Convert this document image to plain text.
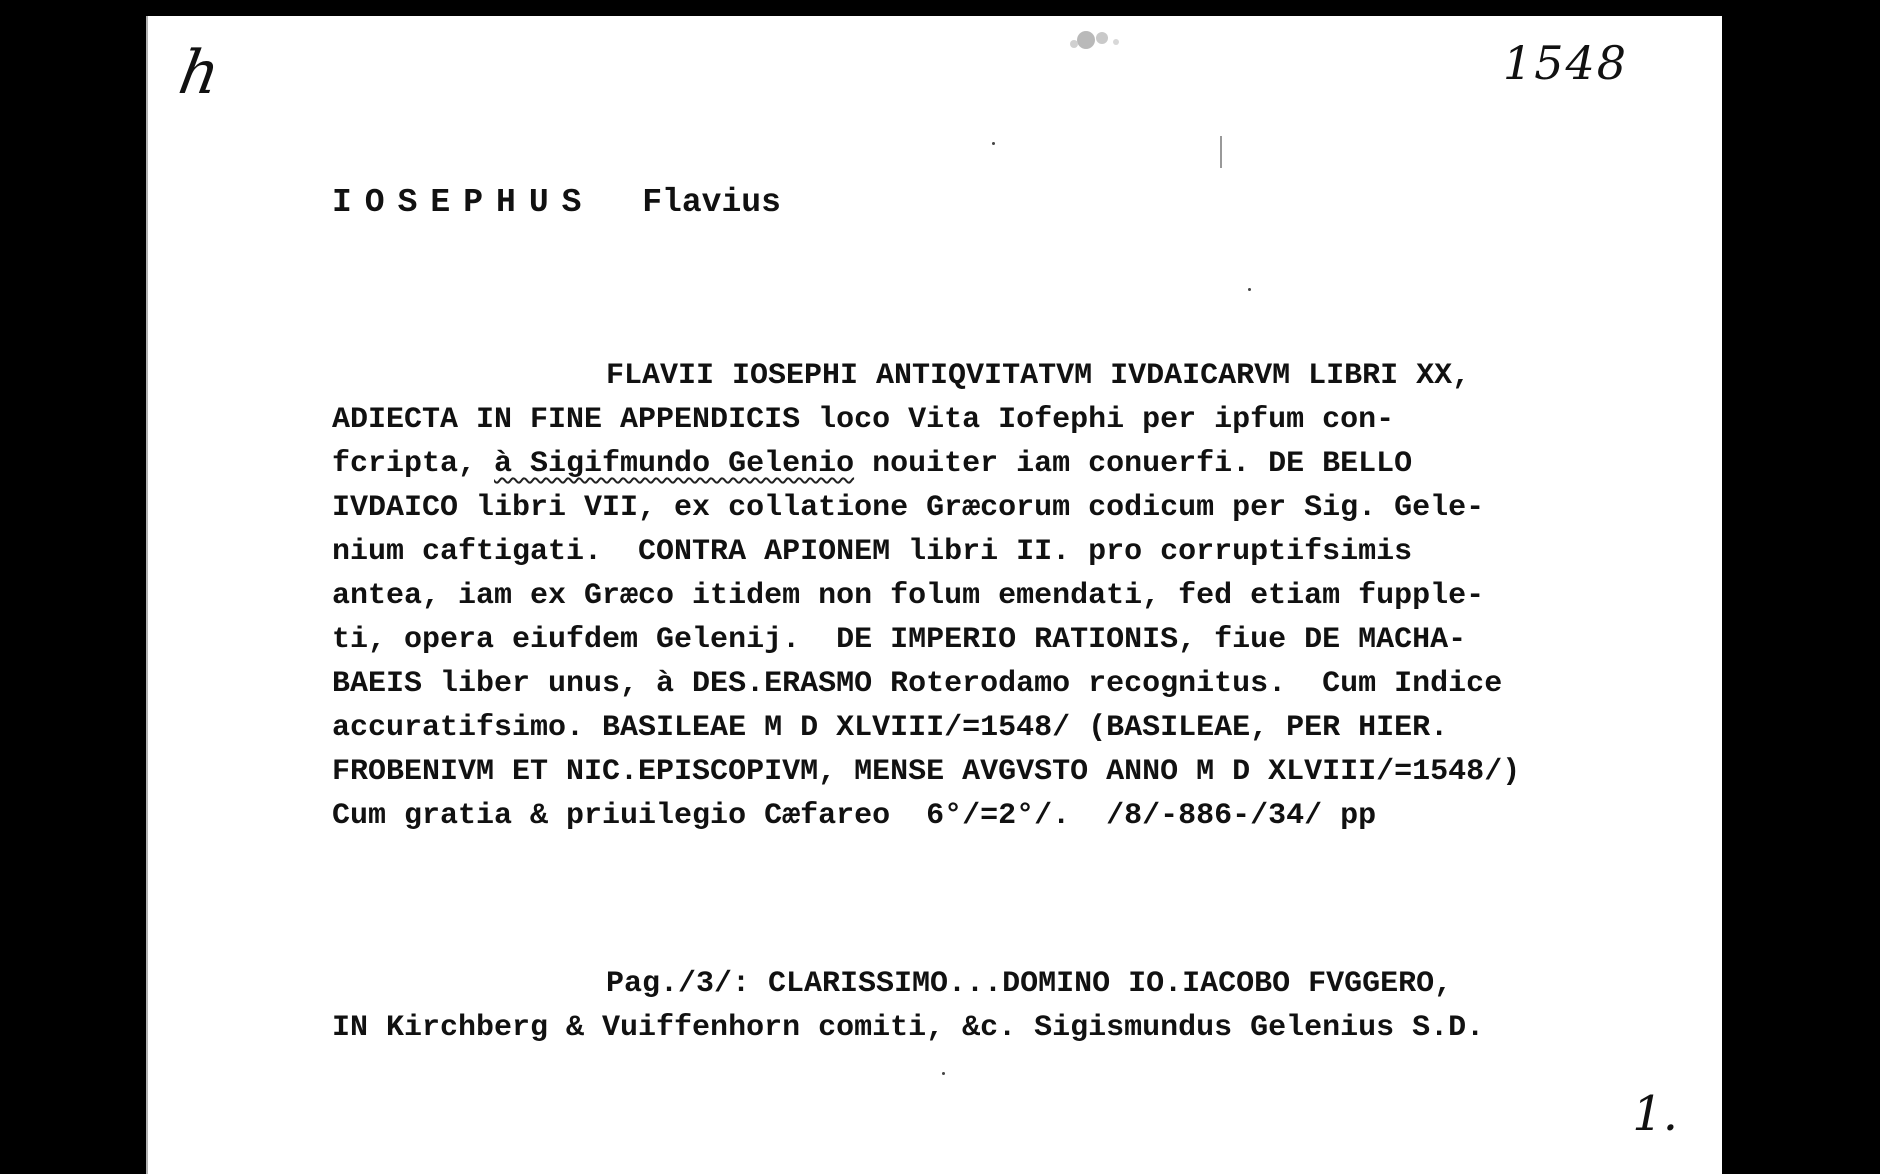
h	1548
1.
IOSEPHUS Flavius
FLAVII IOSEPHI ANTIQVITATVM IVDAICARVM LIBRI XX,
ADIECTA IN FINE APPENDICIS loco Vita Iofephi per ipfum con-
fcripta, à Sigifmundo Gelenio nouiter iam conuerfi. DE BELLO
IVDAICO libri VII, ex collatione Græcorum codicum per Sig. Gele-
nium caftigati.  CONTRA APIONEM libri II. pro corruptifsimis
antea, iam ex Græco itidem non folum emendati, fed etiam fupple-
ti, opera eiufdem Gelenij.  DE IMPERIO RATIONIS, fiue DE MACHA-
BAEIS liber unus, à DES.ERASMO Roterodamo recognitus.  Cum Indice
accuratifsimo. BASILEAE M D XLVIII/=1548/ (BASILEAE, PER HIER.
FROBENIVM ET NIC.EPISCOPIVM, MENSE AVGVSTO ANNO M D XLVIII/=1548/)
Cum gratia & priuilegio Cæfareo  6°/=2°/.  /8/-886-/34/ pp
Pag./3/: CLARISSIMO...DOMINO IO.IACOBO FVGGERO,
IN Kirchberg & Vuiffenhorn comiti, &c. Sigismundus Gelenius S.D.
